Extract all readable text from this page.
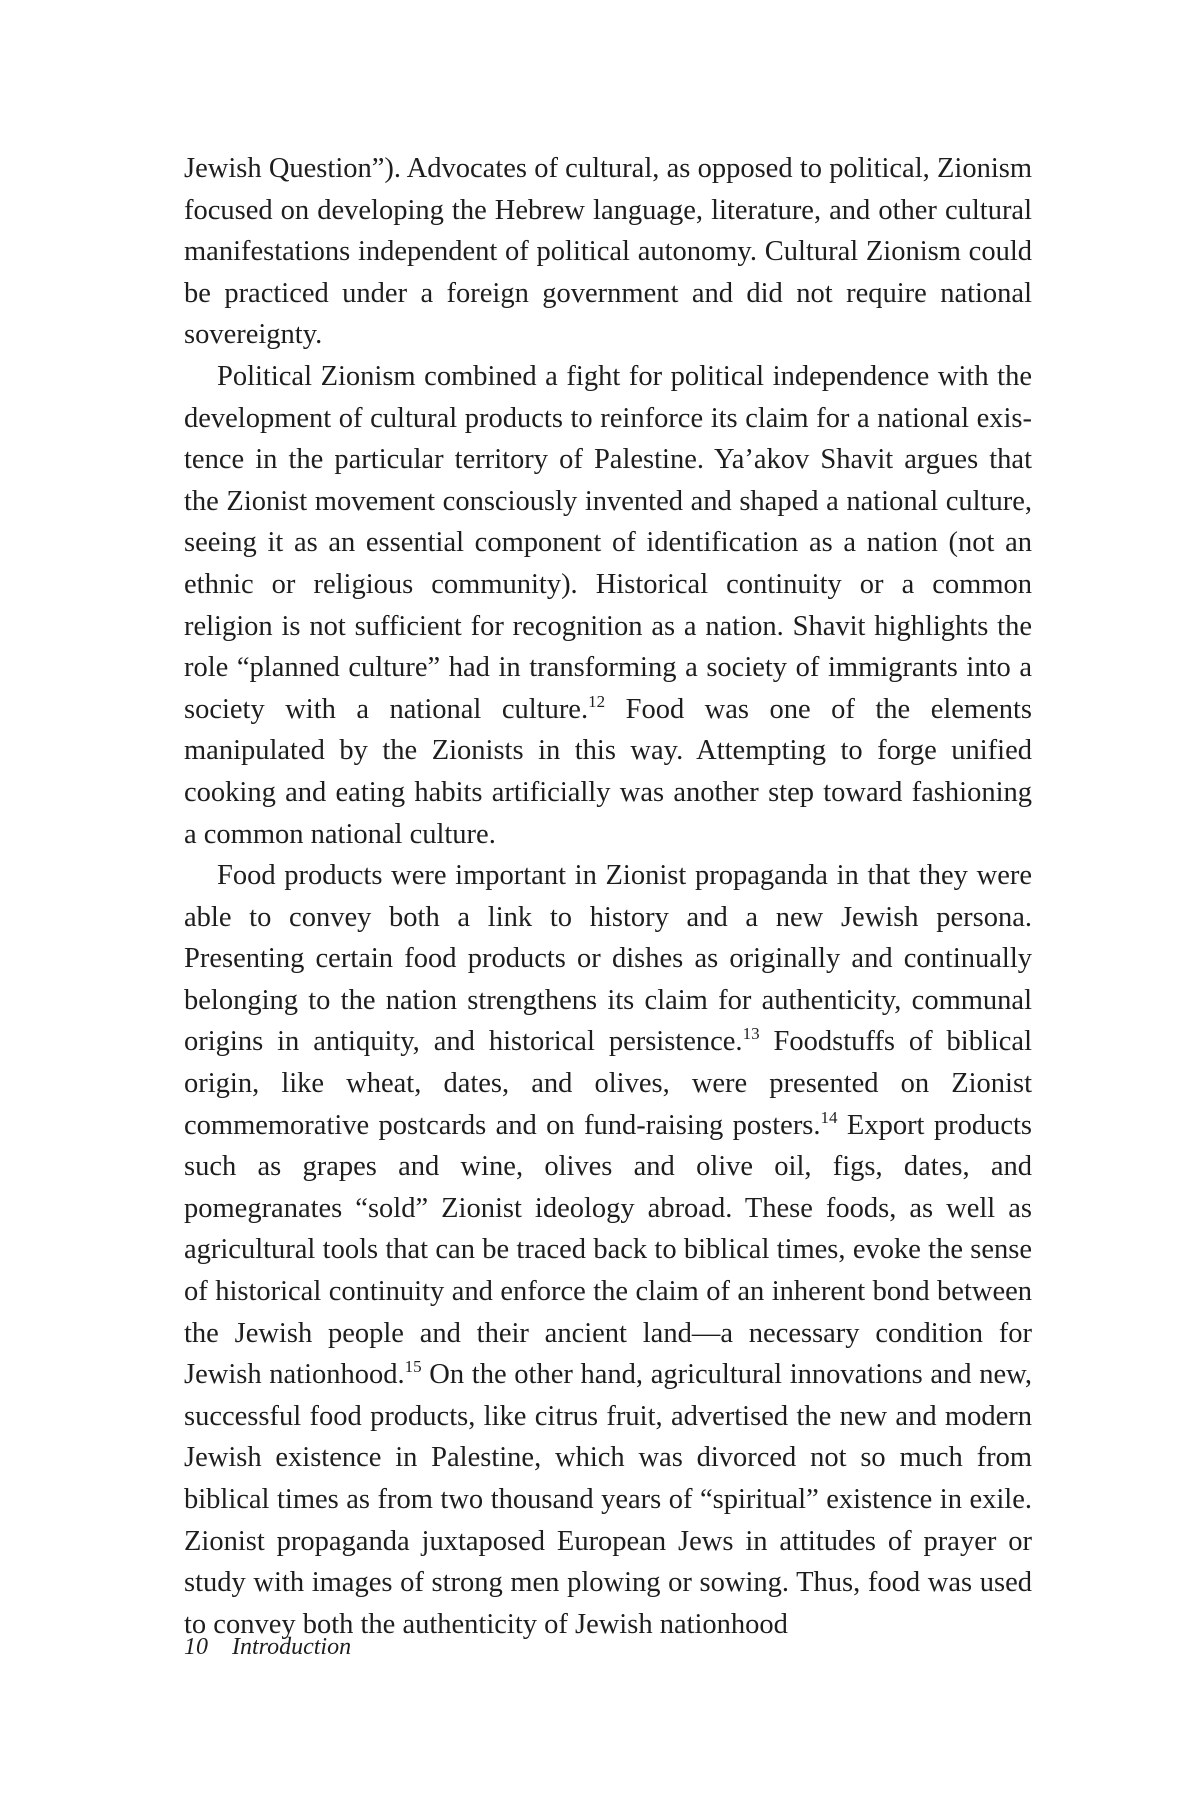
Jewish Question”). Advocates of cultural, as opposed to political, Zionism focused on developing the Hebrew language, literature, and other cultural manifestations independent of political autonomy. Cultural Zionism could be practiced under a foreign government and did not require national sovereignty.

Political Zionism combined a fight for political independence with the development of cultural products to reinforce its claim for a national existence in the particular territory of Palestine. Ya’akov Shavit argues that the Zionist movement consciously invented and shaped a national culture, seeing it as an essential component of identification as a nation (not an ethnic or religious community). Historical continuity or a common religion is not sufficient for recognition as a nation. Shavit highlights the role “planned culture” had in transforming a society of immigrants into a society with a national culture.$^{12}$ Food was one of the elements manipulated by the Zionists in this way. Attempting to forge unified cooking and eating habits artificially was another step toward fashioning a common national culture.

Food products were important in Zionist propaganda in that they were able to convey both a link to history and a new Jewish persona. Presenting certain food products or dishes as originally and continually belonging to the nation strengthens its claim for authenticity, communal origins in antiquity, and historical persistence.$^{13}$ Foodstuffs of biblical origin, like wheat, dates, and olives, were presented on Zionist commemorative postcards and on fund-raising posters.$^{14}$ Export products such as grapes and wine, olives and olive oil, figs, dates, and pomegranates “sold” Zionist ideology abroad. These foods, as well as agricultural tools that can be traced back to biblical times, evoke the sense of historical continuity and enforce the claim of an inherent bond between the Jewish people and their ancient land—a necessary condition for Jewish nationhood.$^{15}$ On the other hand, agricultural innovations and new, successful food products, like citrus fruit, advertised the new and modern Jewish existence in Palestine, which was divorced not so much from biblical times as from two thousand years of “spiritual” existence in exile. Zionist propaganda juxtaposed European Jews in attitudes of prayer or study with images of strong men plowing or sowing. Thus, food was used to convey both the authenticity of Jewish nationhood

10 Introduction
